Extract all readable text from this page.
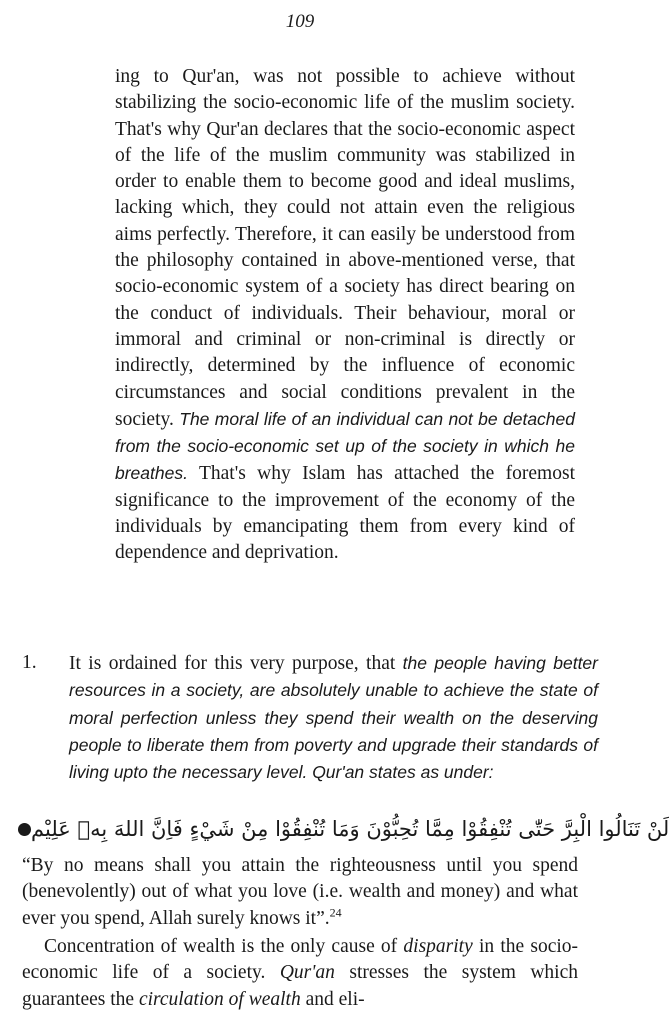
109

ing to Qur'an, was not possible to achieve without stabilizing the socio-economic life of the muslim society. That's why Qur'an declares that the socio-economic aspect of the life of the muslim community was stabilized in order to enable them to become good and ideal muslims, lacking which, they could not attain even the religious aims perfectly. Therefore, it can easily be understood from the philosophy contained in above-mentioned verse, that socio-economic system of a society has direct bearing on the conduct of individuals. Their behaviour, moral or immoral and criminal or non-criminal is directly or indirectly, determined by the influence of economic circumstances and social conditions prevalent in the society. The moral life of an individual can not be detached from the socio-economic set up of the society in which he breathes. That's why Islam has attached the foremost significance to the improvement of the economy of the individuals by emancipating them from every kind of dependence and deprivation.

1. It is ordained for this very purpose, that the people having better resources in a society, are absolutely unable to achieve the state of moral perfection unless they spend their wealth on the deserving people to liberate them from poverty and upgrade their standards of living upto the necessary level. Qur'an states as under:

لَنْ تَنَالُوا الْبِرَّ حَتّٰى تُنْفِقُوْا مِمَّا تُحِبُّوْنَ وَمَا تُنْفِقُوْا مِنْ شَيْءٍ فَاِنَّ اللهَ بِهٖ عَلِيْم

“By no means shall you attain the righteousness until you spend (benevolently) out of what you love (i.e. wealth and money) and what ever you spend, Allah surely knows it”.$^{24}$

Concentration of wealth is the only cause of disparity in the socio-economic life of a society. Qur'an stresses the system which guarantees the circulation of wealth and eli-
